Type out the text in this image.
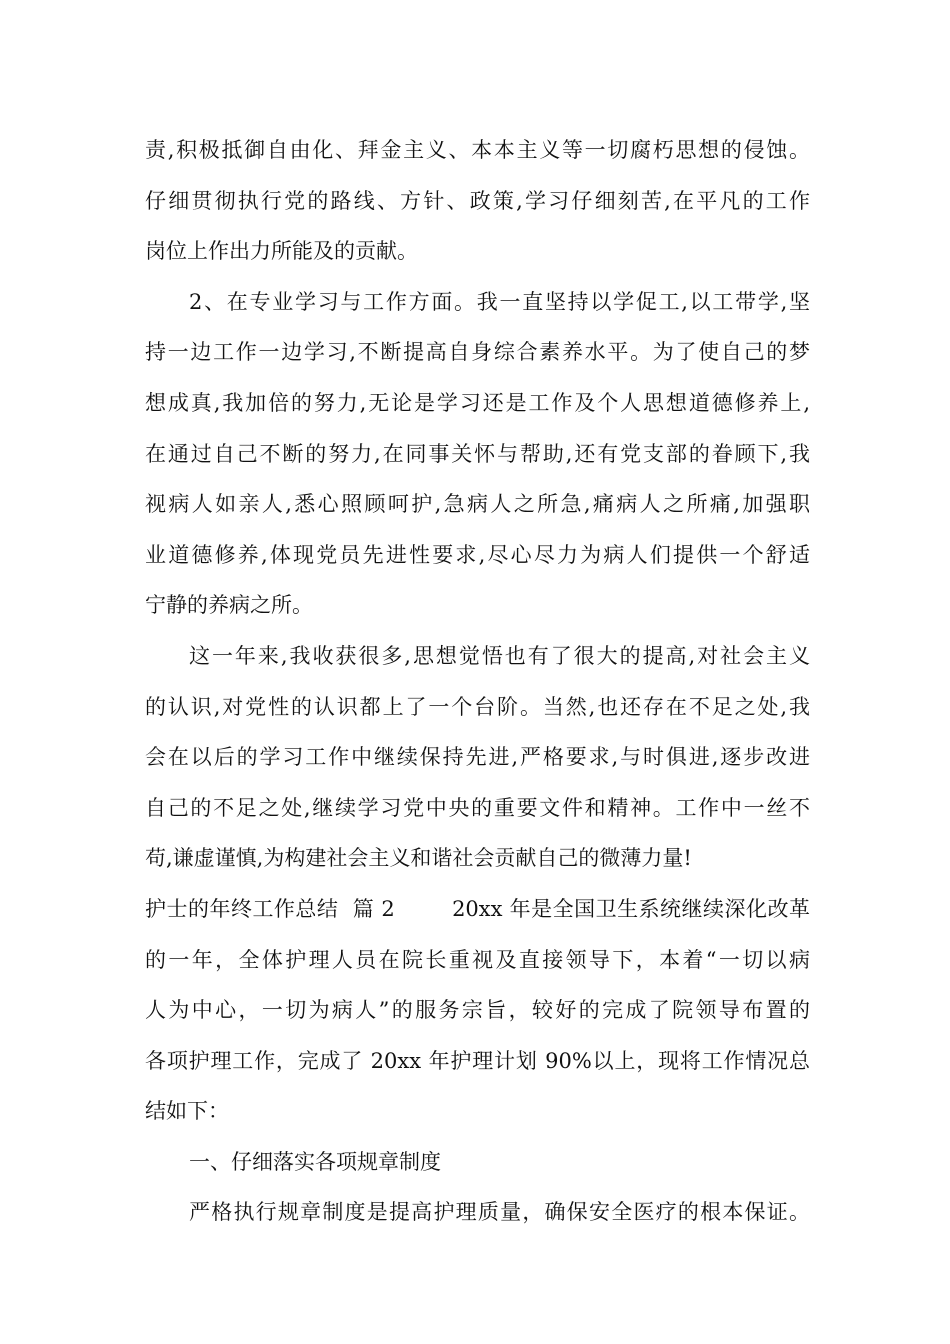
责,积极抵御自由化、拜金主义、本本主义等一切腐朽思想的侵蚀。
仔细贯彻执行党的路线、方针、政策,学习仔细刻苦,在平凡的工作
岗位上作出力所能及的贡献。
2、在专业学习与工作方面。我一直坚持以学促工,以工带学,坚
持一边工作一边学习,不断提高自身综合素养水平。为了使自己的梦
想成真,我加倍的努力,无论是学习还是工作及个人思想道德修养上,
在通过自己不断的努力,在同事关怀与帮助,还有党支部的眷顾下,我
视病人如亲人,悉心照顾呵护,急病人之所急,痛病人之所痛,加强职
业道德修养,体现党员先进性要求,尽心尽力为病人们提供一个舒适
宁静的养病之所。
这一年来,我收获很多,思想觉悟也有了很大的提高,对社会主义
的认识,对党性的认识都上了一个台阶。当然,也还存在不足之处,我
会在以后的学习工作中继续保持先进,严格要求,与时俱进,逐步改进
自己的不足之处,继续学习党中央的重要文件和精神。工作中一丝不
苟,谦虚谨慎,为构建社会主义和谐社会贡献自己的微薄力量!
护士的年终工作总结  篇 2        20xx 年是全国卫生系统继续深化改革
的一年，全体护理人员在院长重视及直接领导下，本着“一切以病
人为中心，一切为病人”的服务宗旨，较好的完成了院领导布置的
各项护理工作，完成了 20xx 年护理计划 90%以上，现将工作情况总
结如下：
一、仔细落实各项规章制度
严格执行规章制度是提高护理质量，确保安全医疗的根本保证。
